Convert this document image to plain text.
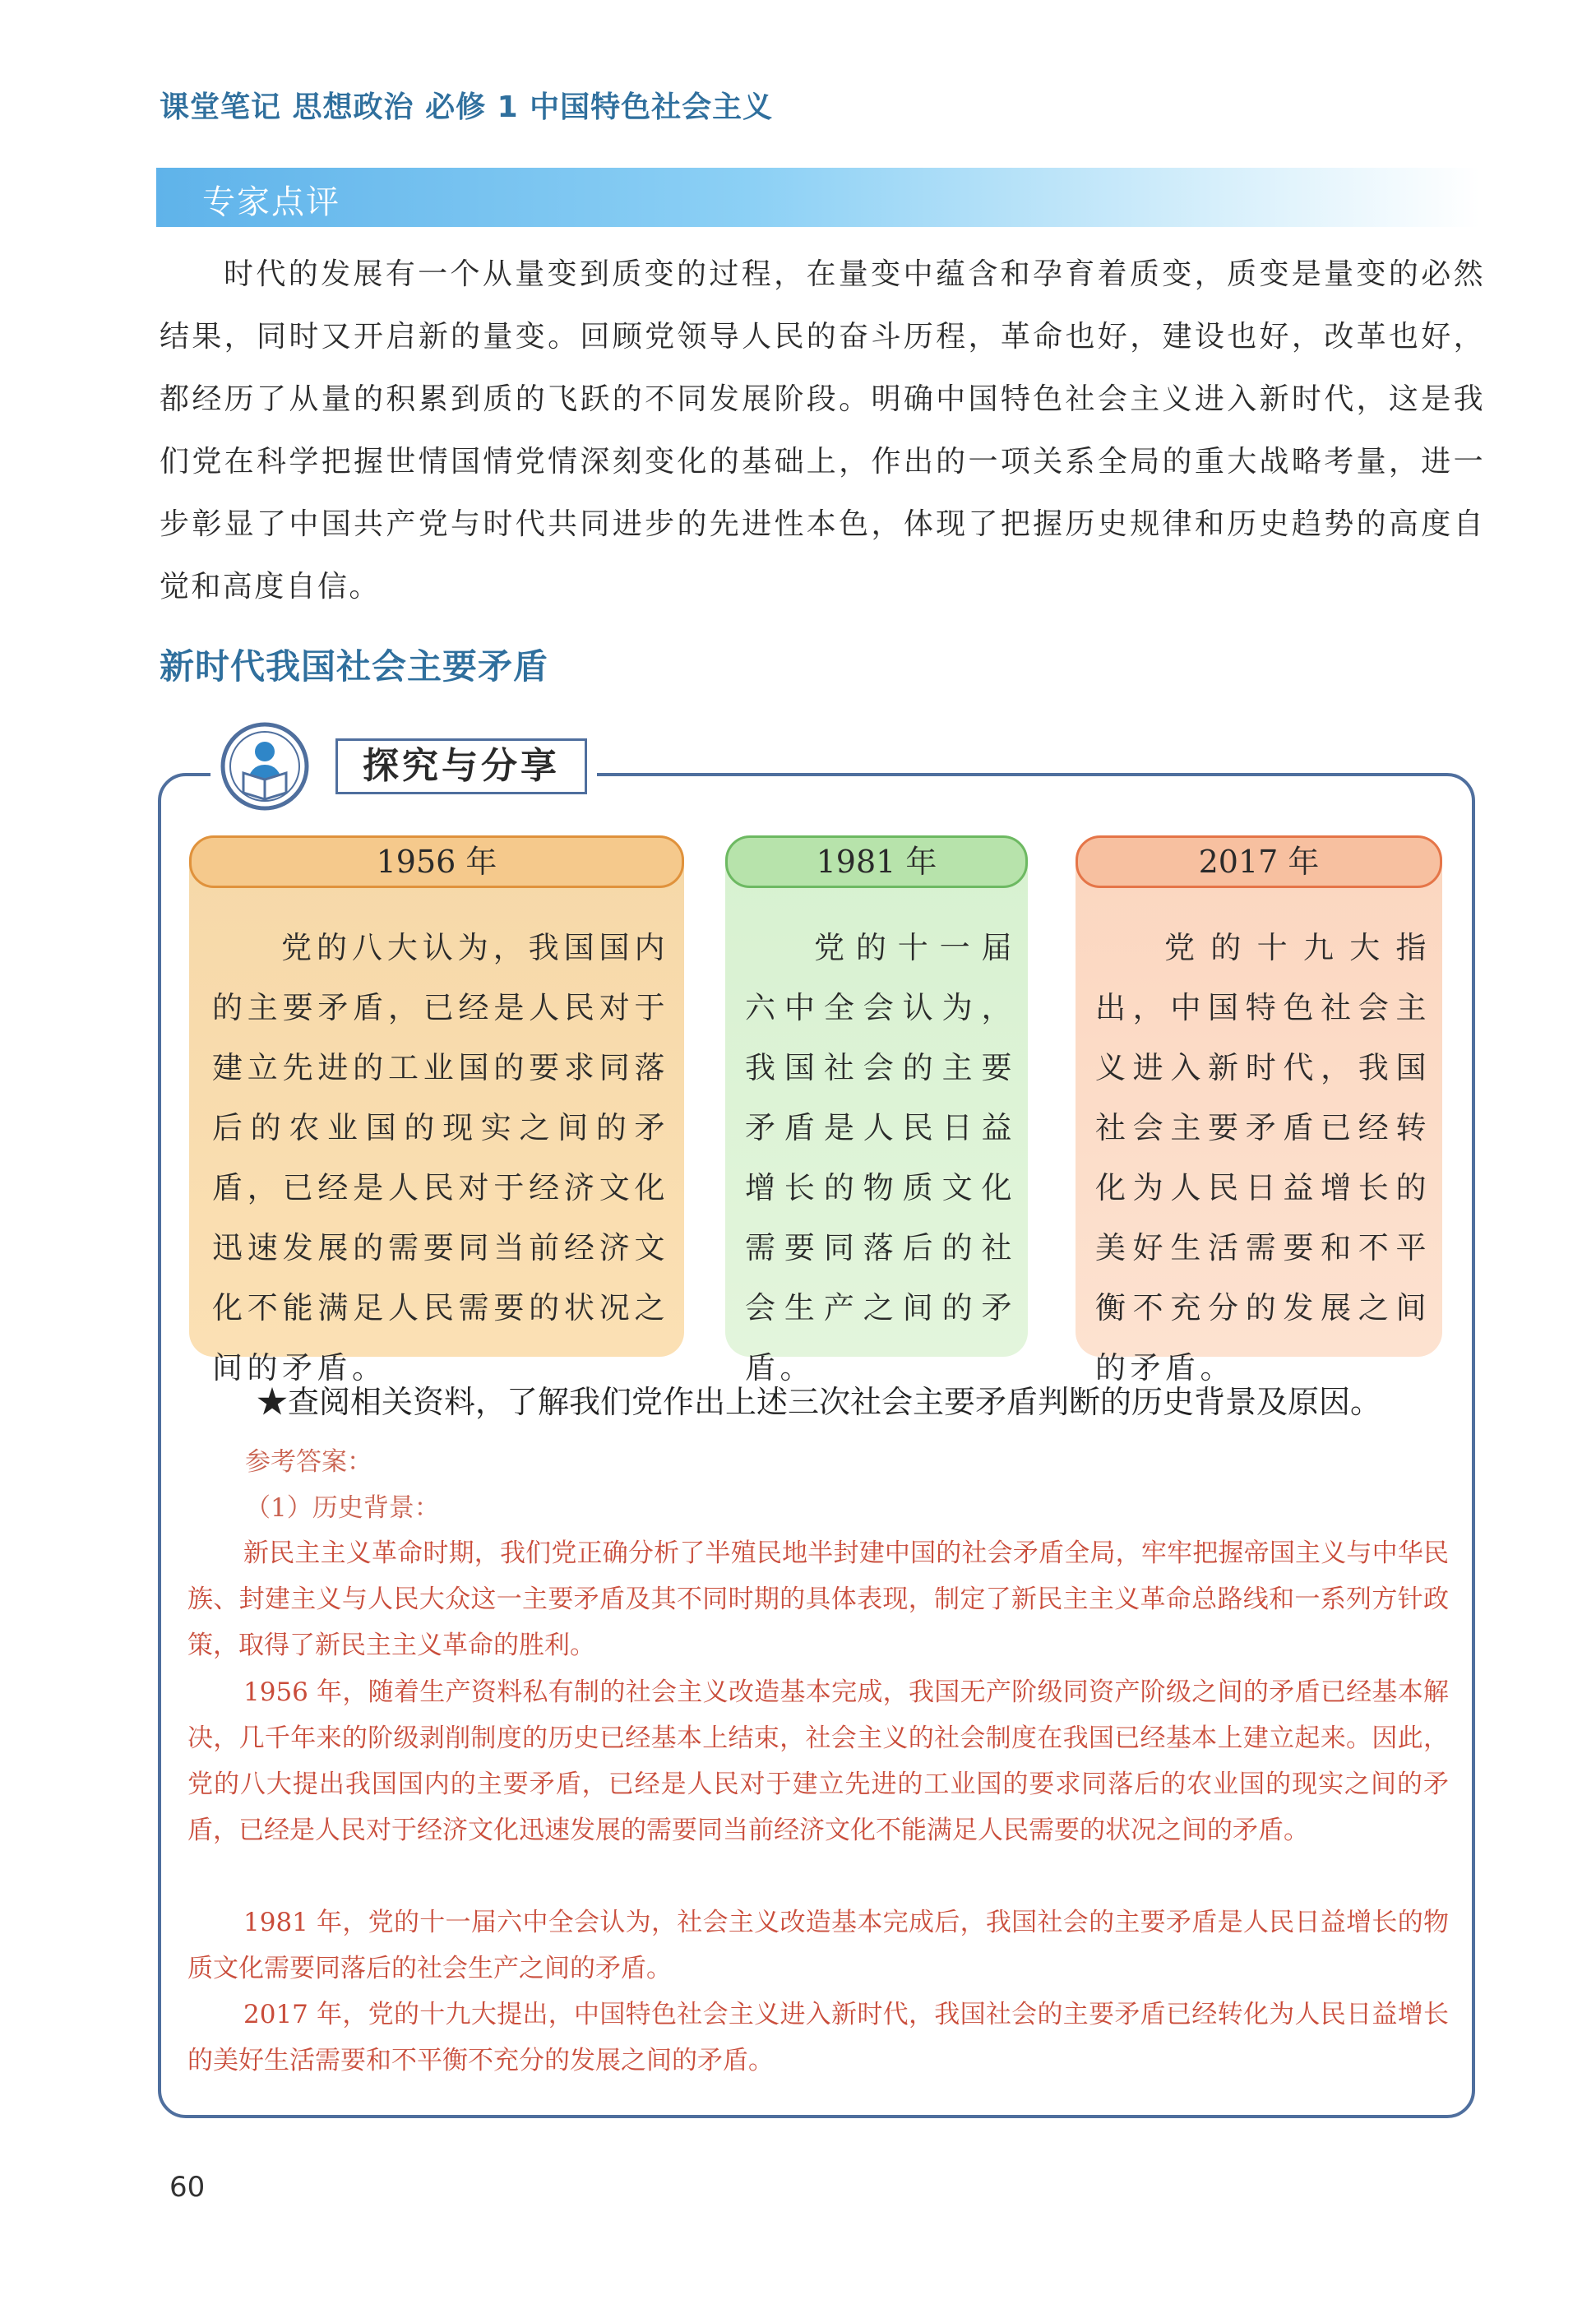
课堂笔记 思想政治 必修 1 中国特色社会主义
专家点评
时代的发展有一个从量变到质变的过程，在量变中蕴含和孕育着质变，质变是量变的必然结果，同时又开启新的量变。回顾党领导人民的奋斗历程，革命也好，建设也好，改革也好，都经历了从量的积累到质的飞跃的不同发展阶段。明确中国特色社会主义进入新时代，这是我们党在科学把握世情国情党情深刻变化的基础上，作出的一项关系全局的重大战略考量，进一步彰显了中国共产党与时代共同进步的先进性本色，体现了把握历史规律和历史趋势的高度自觉和高度自信。
新时代我国社会主要矛盾
探究与分享
1956 年
党的八大认为，我国国内的主要矛盾，已经是人民对于建立先进的工业国的要求同落后的农业国的现实之间的矛盾，已经是人民对于经济文化迅速发展的需要同当前经济文化不能满足人民需要的状况之间的矛盾。
1981 年
党的十一届六中全会认为，我国社会的主要矛盾是人民日益增长的物质文化需要同落后的社会生产之间的矛盾。
2017 年
党的十九大指出，中国特色社会主义进入新时代，我国社会主要矛盾已经转化为人民日益增长的美好生活需要和不平衡不充分的发展之间的矛盾。
★查阅相关资料，了解我们党作出上述三次社会主要矛盾判断的历史背景及原因。
参考答案：
（1）历史背景：
新民主主义革命时期，我们党正确分析了半殖民地半封建中国的社会矛盾全局，牢牢把握帝国主义与中华民族、封建主义与人民大众这一主要矛盾及其不同时期的具体表现，制定了新民主主义革命总路线和一系列方针政策，取得了新民主主义革命的胜利。
1956 年，随着生产资料私有制的社会主义改造基本完成，我国无产阶级同资产阶级之间的矛盾已经基本解决，几千年来的阶级剥削制度的历史已经基本上结束，社会主义的社会制度在我国已经基本上建立起来。因此，党的八大提出我国国内的主要矛盾，已经是人民对于建立先进的工业国的要求同落后的农业国的现实之间的矛盾，已经是人民对于经济文化迅速发展的需要同当前经济文化不能满足人民需要的状况之间的矛盾。
1981 年，党的十一届六中全会认为，社会主义改造基本完成后，我国社会的主要矛盾是人民日益增长的物质文化需要同落后的社会生产之间的矛盾。
2017 年，党的十九大提出，中国特色社会主义进入新时代，我国社会的主要矛盾已经转化为人民日益增长的美好生活需要和不平衡不充分的发展之间的矛盾。
60
